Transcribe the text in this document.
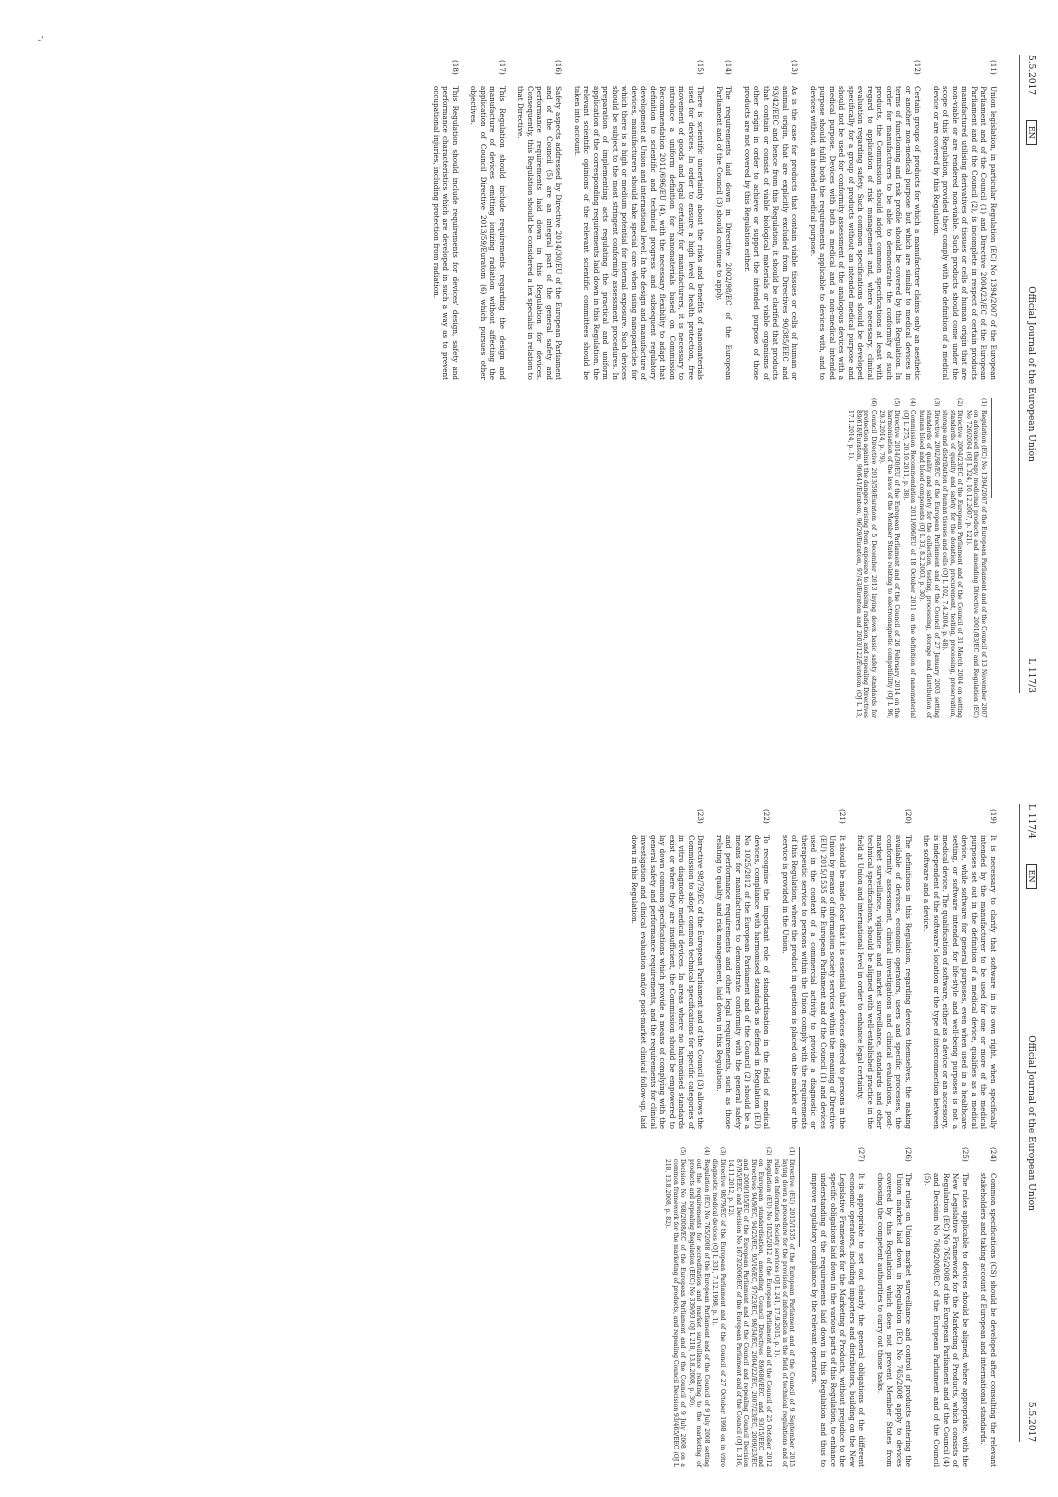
-'
5.5.2017 EN
Official Journal of the European Union
L 117/3
(11)
Union legislation, in particular Regulation (EC) No 1394/2007 of the European Parliament and of the Council (1) and Directive 2004/23/EC of the European Parliament and of the Council (2), is incomplete in respect of certain products manufactured utilising derivatives of tissues or cells of human origin that are non-viable or are rendered non-viable. Such products should come under the scope of this Regulation, provided they comply with the definition of a medical device or are covered by this Regulation.
(12)
Certain groups of products for which a manufacturer claims only an aesthetic or another non-medical purpose but which are similar to medical devices in terms of functioning and risk profile should be covered by this Regulation. In order for manufacturers to be able to demonstrate the conformity of such products, the Commission should adopt common specifications at least with regard to application of risk management and, where necessary, clinical evaluation regarding safety. Such common specifications should be developed specifically for a group of products without an intended medical purpose and should not be used for conformity assessment of the analogous devices with a medical purpose. Devices with both a medical and a non-medical intended purpose should fulfil both the requirements applicable to devices with, and to devices without, an intended medical purpose.
(13)
As is the case for products that contain viable tissues or cells of human or animal origin, that are explicitly excluded from Directives 90/385/EEC and 93/42/EEC and hence from this Regulation, it should be clarified that products that contain or consist of viable biological materials or viable organisms of other origin in order to achieve or support the intended purpose of those products are not covered by this Regulation either.
(14)
The requirements laid down in Directive 2002/98/EC of the European Parliament and of the Council (3) should continue to apply.
(15)
There is scientific uncertainty about the risks and benefits of nanomaterials used for devices. In order to ensure a high level of health protection, free movement of goods and legal certainty for manufacturers, it is necessary to introduce a uniform definition for nanomaterials based on Commission Recommendation 2011/696/EU (4), with the necessary flexibility to adapt that definition to scientific and technical progress and subsequent regulatory development at Union and international level. In the design and manufacture of devices, manufacturers should take special care when using nanoparticles for which there is a high or medium potential for internal exposure. Such devices should be subject to the most stringent conformity assessment procedures. In preparation of implementing acts regulating the practical and uniform application of the corresponding requirements laid down in this Regulation, the relevant scientific opinions of the relevant scientific committees should be taken into account.
(16)
Safety aspects addressed by Directive 2014/30/EU of the European Parliament and of the Council (5) are an integral part of the general safety and performance requirements laid down in this Regulation for devices. Consequently, this Regulation should be considered a lex specialis in relation to that Directive.
(17)
This Regulation should include requirements regarding the design and manufacture of devices emitting ionizing radiation without affecting the application of Council Directive 2013/59/Euratom (6) which pursues other objectives.
(18)
This Regulation should include requirements for devices' design, safety and performance characteristics which are developed in such a way as to prevent occupational injuries, including protection from radiation.
(1)
Regulation (EC) No 1394/2007 of the European Parliament and of the Council of 13 November 2007 on advanced therapy medicinal products and amending Directive 2001/83/EC and Regulation (EC) No 726/2004 (OJ L 324, 10.12.2007, p. 121).
(2)
Directive 2004/23/EC of the European Parliament and of the Council of 31 March 2004 on setting standards of quality and safety for the donation, procurement, testing, processing, preservation, storage and distribution of human tissues and cells (OJ L 102, 7.4.2004, p. 48).
(3)
Directive 2002/98/EC of the European Parliament and of the Council of 27 January 2003 setting standards of quality and safety for the collection, testing, processing, storage and distribution of human blood and blood components (OJ L 33, 8.2.2003, p. 30).
(4)
Commission Recommendation 2011/696/EU of 18 October 2011 on the definition of nanomaterial (OJ L 275, 20.10.2011, p. 38).
(5)
Directive 2014/30/EU of the European Parliament and of the Council of 26 February 2014 on the harmonisation of the laws of the Member States relating to electromagnetic compatibility (OJ L 96, 29.3.2014, p. 79).
(6)
Council Directive 2013/59/Euratom of 5 December 2013 laying down basic safety standards for protection against the dangers arising from exposure to ionising radiation, and repealing Directives 89/618/Euratom, 90/641/Euratom, 96/29/Euratom, 97/43/Euratom and 2003/122/Euratom (OJ L 13, 17.1.2014, p. 1).
L 117/4 EN
Official Journal of the European Union
5.5.2017
(19)
It is necessary to clarify that software in its own right, when specifically intended by the manufacturer to be used for one or more of the medical purposes set out in the definition of a medical device, qualifies as a medical device, while software for general purposes, even when used in a healthcare setting, or software intended for life-style and well-being purposes is not a medical device. The qualification of software, either as a device or an accessory, is independent of the software's location or the type of interconnection between the software and a device.
(20)
The definitions in this Regulation, regarding devices themselves, the making available of devices, economic operators, users and specific processes, the conformity assessment, clinical investigations and clinical evaluations, post-market surveillance, vigilance and market surveillance, standards and other technical specifications, should be aligned with well-established practice in the field at Union and international level in order to enhance legal certainty.
(21)
It should be made clear that it is essential that devices offered to persons in the Union by means of information society services within the meaning of Directive (EU) 2015/1535 of the European Parliament and of the Council (1) and devices used in the context of a commercial activity to provide a diagnostic or therapeutic service to persons within the Union comply with the requirements of this Regulation, where the product in question is placed on the market or the service is provided in the Union.
(22)
To recognise the important role of standardisation in the field of medical devices, compliance with harmonised standards as defined in Regulation (EU) No 1025/2012 of the European Parliament and of the Council (2) should be a means for manufacturers to demonstrate conformity with the general safety and performance requirements and other legal requirements, such as those relating to quality and risk management, laid down in this Regulation.
(23)
Directive 98/79/EC of the European Parliament and of the Council (3) allows the Commission to adopt common technical specifications for specific categories of in vitro diagnostic medical devices. In areas where no harmonised standards exist or where they are insufficient, the Commission should be empowered to lay down common specifications which provide a means of complying with the general safety and performance requirements, and the requirements for clinical investigation and clinical evaluation and/or post-market clinical follow-up, laid down in this Regulation.
(24)
Common specifications (CS) should be developed after consulting the relevant stakeholders and taking account of European and international standards.
(25)
The rules applicable to devices should be aligned, where appropriate, with the New Legislative Framework for the Marketing of Products, which consists of Regulation (EC) No 765/2008 of the European Parliament and of the Council (4) and Decision No 768/2008/EC of the European Parliament and of the Council (5).
(26)
The rules on Union market surveillance and control of products entering the Union market laid down in Regulation (EC) No 765/2008 apply to devices covered by this Regulation which does not prevent Member States from choosing the competent authorities to carry out those tasks.
(27)
It is appropriate to set out clearly the general obligations of the different economic operators, including importers and distributors, building on the New Legislative Framework for the Marketing of Products, without prejudice to the specific obligations laid down in the various parts of this Regulation, to enhance understanding of the requirements laid down in this Regulation and thus to improve regulatory compliance by the relevant operators.
(1)
Directive (EU) 2015/1535 of the European Parliament and of the Council of 9 September 2015 laying down a procedure for the provision of information in the field of technical regulations and of rules on Information Society services (OJ L 241, 17.9.2015, p. 1).
(2)
Regulation (EU) No 1025/2012 of the European Parliament and of the Council of 25 October 2012 on European standardisation, amending Council Directives 89/686/EEC and 93/15/EEC and Directives 94/9/EC, 94/25/EC, 95/16/EC, 97/23/EC, 98/34/EC, 2004/22/EC, 2007/23/EC, 2009/23/EC and 2009/105/EC of the European Parliament and of the Council and repealing Council Decision 87/95/EEC and Decision No 1673/2006/EC of the European Parliament and of the Council (OJ L 316, 14.11.2012, p. 12).
(3)
Directive 98/79/EC of the European Parliament and of the Council of 27 October 1998 on in vitro diagnostic medical devices (OJ L 331, 7.12.1998, p. 1).
(4)
Regulation (EC) No 765/2008 of the European Parliament and of the Council of 9 July 2008 setting out the requirements for accreditation and market surveillance relating to the marketing of products and repealing Regulation (EEC) No 339/93 (OJ L 218, 13.8.2008, p. 30).
(5)
Decision No 768/2008/EC of the European Parliament and of the Council of 9 July 2008 on a common framework for the marketing of products, and repealing Council Decision 93/465/EEC (OJ L 218, 13.8.2008, p. 82).
